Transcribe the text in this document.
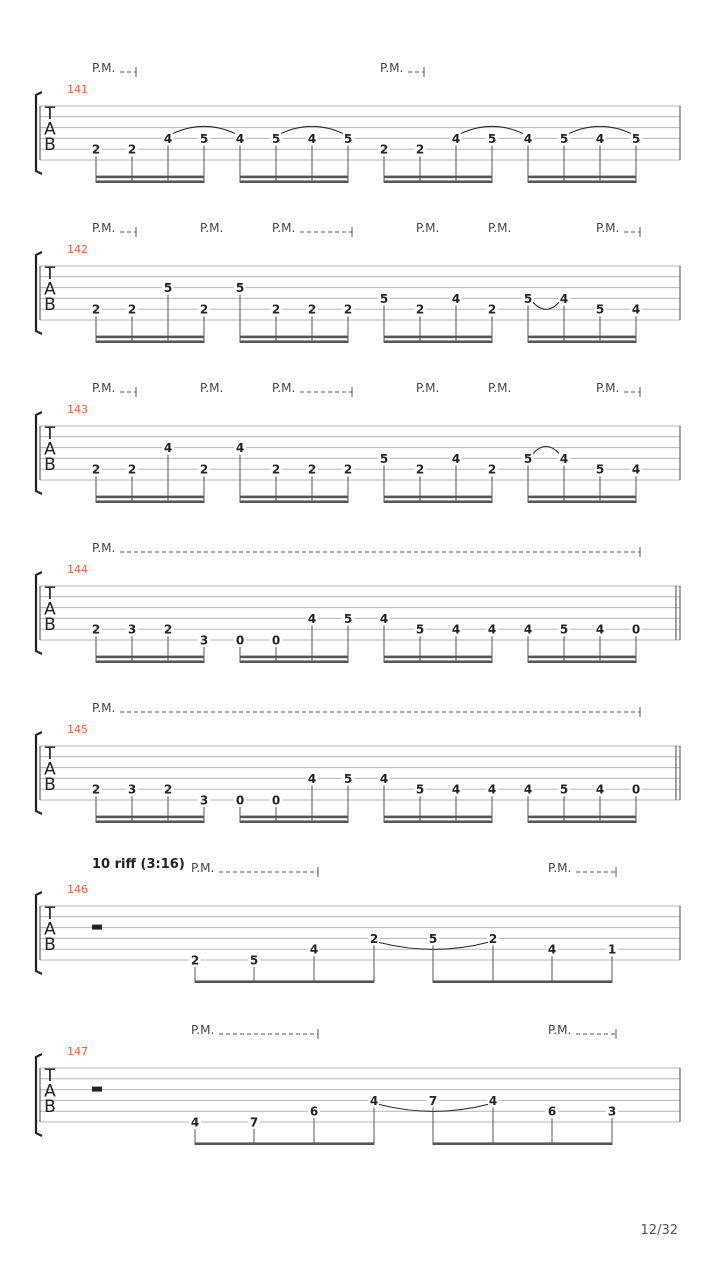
141
T
A
B
P.M.	P.M.
2 2
4 5 4 5 4 5
2 2
4 5 4 5 4 5
142
T
A
B
P.M.	P.M.	P.M.	P.M.	P.M.	P.M.
2 2
5
2
5
2 2 2
5
2
4
2
5 4
5 4
143
T
A
B
P.M.	P.M.	P.M.	P.M.	P.M.	P.M.
2 2
4
2
4
2 2 2
5
2
4
2
5 4
5 4
144
T
A
B
P.M.
2 3 2
3 0 0
4 5 4
5 4 4 4 5 4 0
145
T
A
B
P.M.
2 3 2
3 0 0
4 5 4
5 4 4 4 5 4 0
146
10 riff (3:16)
T
A
B
P.M.	P.M.
2	5
4
2	5	2
4	1
147
T
A
B
P.M.	P.M.
4	7
6
4	7	4
6	3
12/32
